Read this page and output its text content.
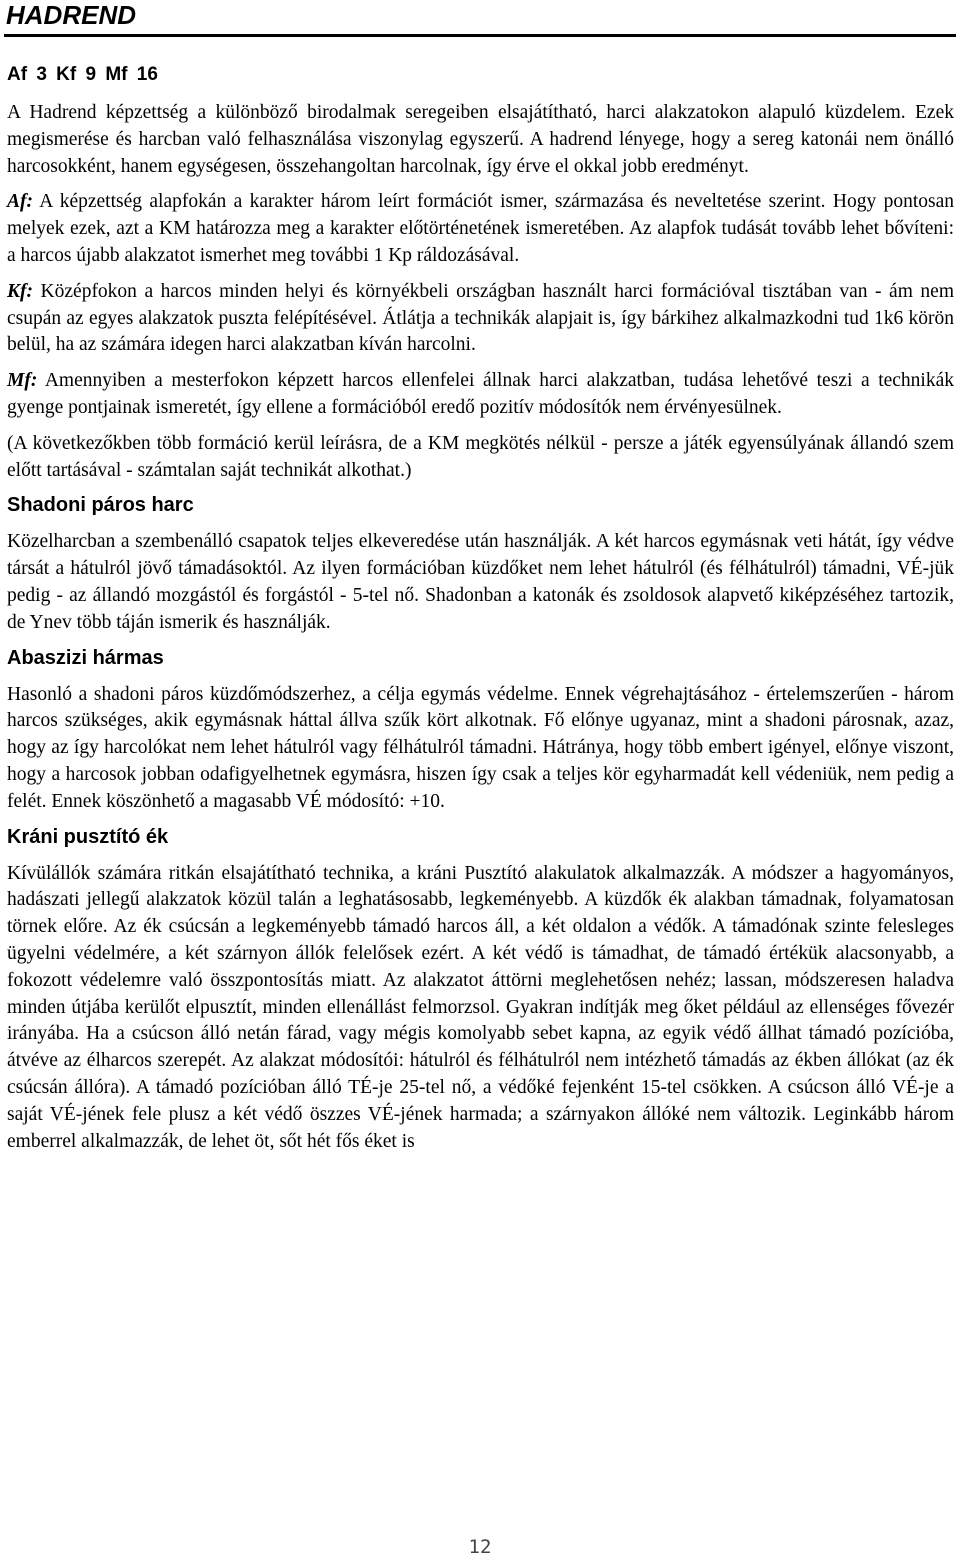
HADREND
Af 3 Kf 9 Mf 16

A Hadrend képzettség a különböző birodalmak seregeiben elsajátítható, harci alakzatokon alapuló küzdelem. Ezek megismerése és harcban való felhasználása viszonylag egyszerű. A hadrend lényege, hogy a sereg katonái nem önálló harcosokként, hanem egységesen, összehangoltan harcolnak, így érve el okkal jobb eredményt.

Af: A képzettség alapfokán a karakter három leírt formációt ismer, származása és neveltetése szerint. Hogy pontosan melyek ezek, azt a KM határozza meg a karakter előtörténetének ismeretében. Az alapfok tudását tovább lehet bővíteni: a harcos újabb alakzatot ismerhet meg további 1 Kp ráldozásával.

Kf: Középfokon a harcos minden helyi és környékbeli országban használt harci formációval tisztában van - ám nem csupán az egyes alakzatok puszta felépítésével. Átlátja a technikák alapjait is, így bárkihez alkalmazkodni tud 1k6 körön belül, ha az számára idegen harci alakzatban kíván harcolni.

Mf: Amennyiben a mesterfokon képzett harcos ellenfelei állnak harci alakzatban, tudása lehetővé teszi a technikák gyenge pontjainak ismeretét, így ellene a formációból eredő pozitív módosítók nem érvényesülnek.

(A következőkben több formáció kerül leírásra, de a KM megkötés nélkül - persze a játék egyensúlyának állandó szem előtt tartásával - számtalan saját technikát alkothat.)

Shadoni páros harc

Közelharcban a szembenálló csapatok teljes elkeveredése után használják. A két harcos egymásnak veti hátát, így védve társát a hátulról jövő támadásoktól. Az ilyen formációban küzdőket nem lehet hátulról (és félhátulról) támadni, VÉ-jük pedig - az állandó mozgástól és forgástól - 5-tel nő. Shadonban a katonák és zsoldosok alapvető kiképzéséhez tartozik, de Ynev több táján ismerik és használják.

Abaszizi hármas

Hasonló a shadoni páros küzdőmódszerhez, a célja egymás védelme. Ennek végrehajtásához - értelemszerűen - három harcos szükséges, akik egymásnak háttal állva szűk kört alkotnak. Fő előnye ugyanaz, mint a shadoni párosnak, azaz, hogy az így harcolókat nem lehet hátulról vagy félhátulról támadni. Hátránya, hogy több embert igényel, előnye viszont, hogy a harcosok jobban odafigyelhetnek egymásra, hiszen így csak a teljes kör egyharmadát kell védeniük, nem pedig a felét. Ennek köszönhető a magasabb VÉ módosító: +10.

Kráni pusztító ék

Kívülállók számára ritkán elsajátítható technika, a kráni Pusztító alakulatok alkalmazzák. A módszer a hagyományos, hadászati jellegű alakzatok közül talán a leghatásosabb, legkeményebb. A küzdők ék alakban támadnak, folyamatosan törnek előre. Az ék csúcsán a legkeményebb támadó harcos áll, a két oldalon a védők. A támadónak szinte felesleges ügyelni védelmére, a két szárnyon állók felelősek ezért. A két védő is támadhat, de támadó értékük alacsonyabb, a fokozott védelemre való összpontosítás miatt. Az alakzatot áttörni meglehetősen nehéz; lassan, módszeresen haladva minden útjába kerülőt elpusztít, minden ellenállást felmorzsol. Gyakran indítják meg őket például az ellenséges fővezér irányába. Ha a csúcson álló netán fárad, vagy mégis komolyabb sebet kapna, az egyik védő állhat támadó pozícióba, átvéve az élharcos szerepét. Az alakzat módosítói: hátulról és félhátulról nem intézhető támadás az ékben állókat (az ék csúcsán állóra). A támadó pozícióban álló TÉ-je 25-tel nő, a védőké fejenként 15-tel csökken. A csúcson álló VÉ-je a saját VÉ-jének fele plusz a két védő öszzes VÉ-jének harmada; a szárnyakon állóké nem változik. Leginkább három emberrel alkalmazzák, de lehet öt, sőt hét fős éket is

12
